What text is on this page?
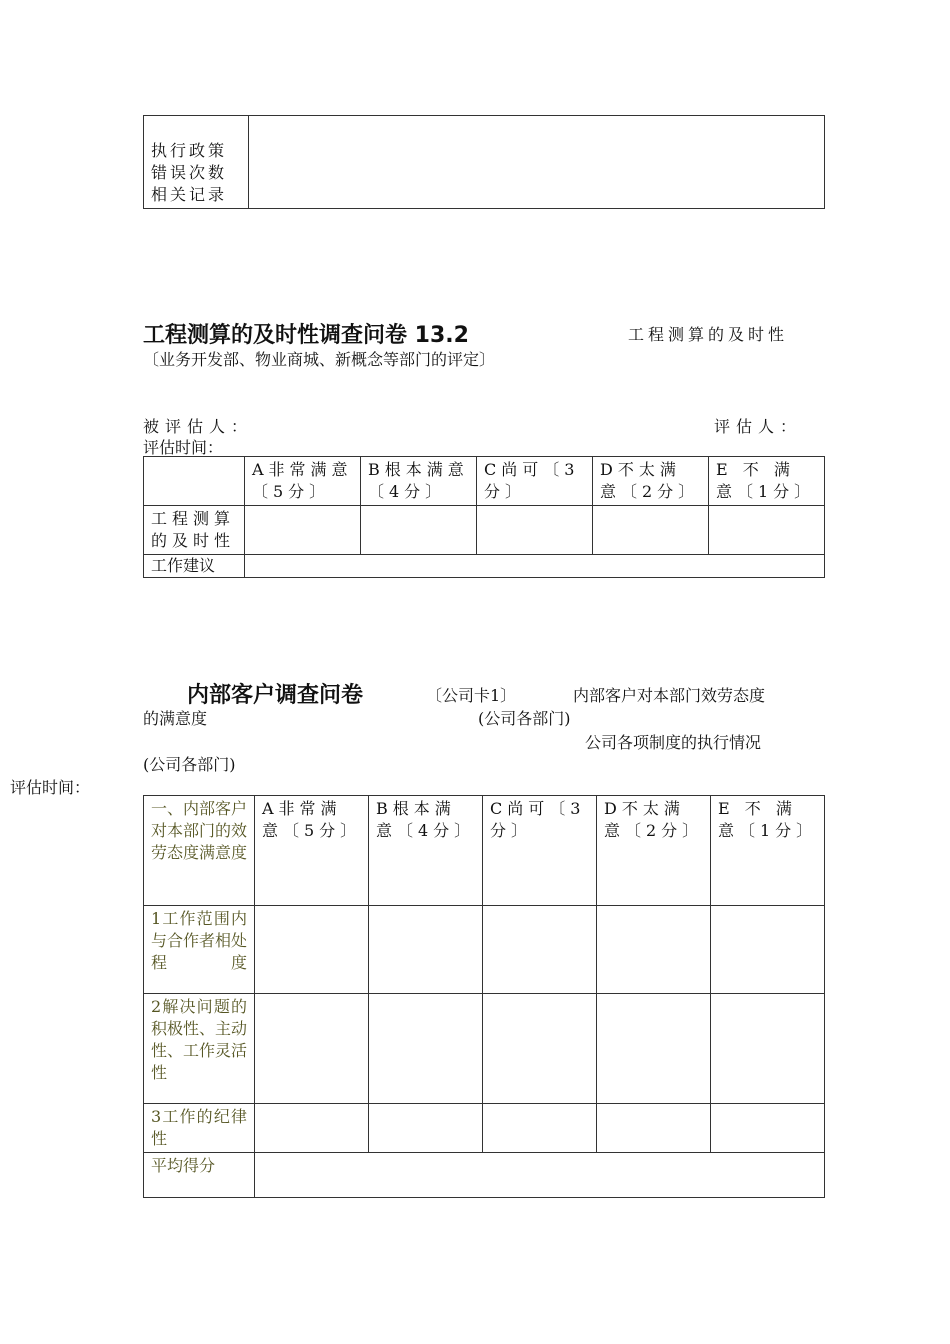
执行政策错误次数相关记录	
工程测算的及时性调查问卷 13.2	工程测算的及时性
〔业务开发部、物业商城、新概念等部门的评定〕
被评估人：	评估人：
评估时间：
	A非常满意〔5分〕	B根本满意〔4分〕	C尚可〔3分〕	D不太满意〔2分〕	E 不 满 意〔1分〕
工程测算的及时性					
工作建议					
内部客户调查问卷	〔公司卡1〕	内部客户对本部门效劳态度
的满意度	(公司各部门)
公司各项制度的执行情况
(公司各部门)
评估时间：
一、内部客户对本部门的效劳态度满意度	A非常满意〔5分〕	B根本满意〔4分〕	C尚可〔3分〕	D不太满意〔2分〕	E 不 满 意〔1分〕
1工作范围内与合作者相处程度					
2解决问题的积极性、主动性、工作灵活性					
3工作的纪律性					
平均得分					
